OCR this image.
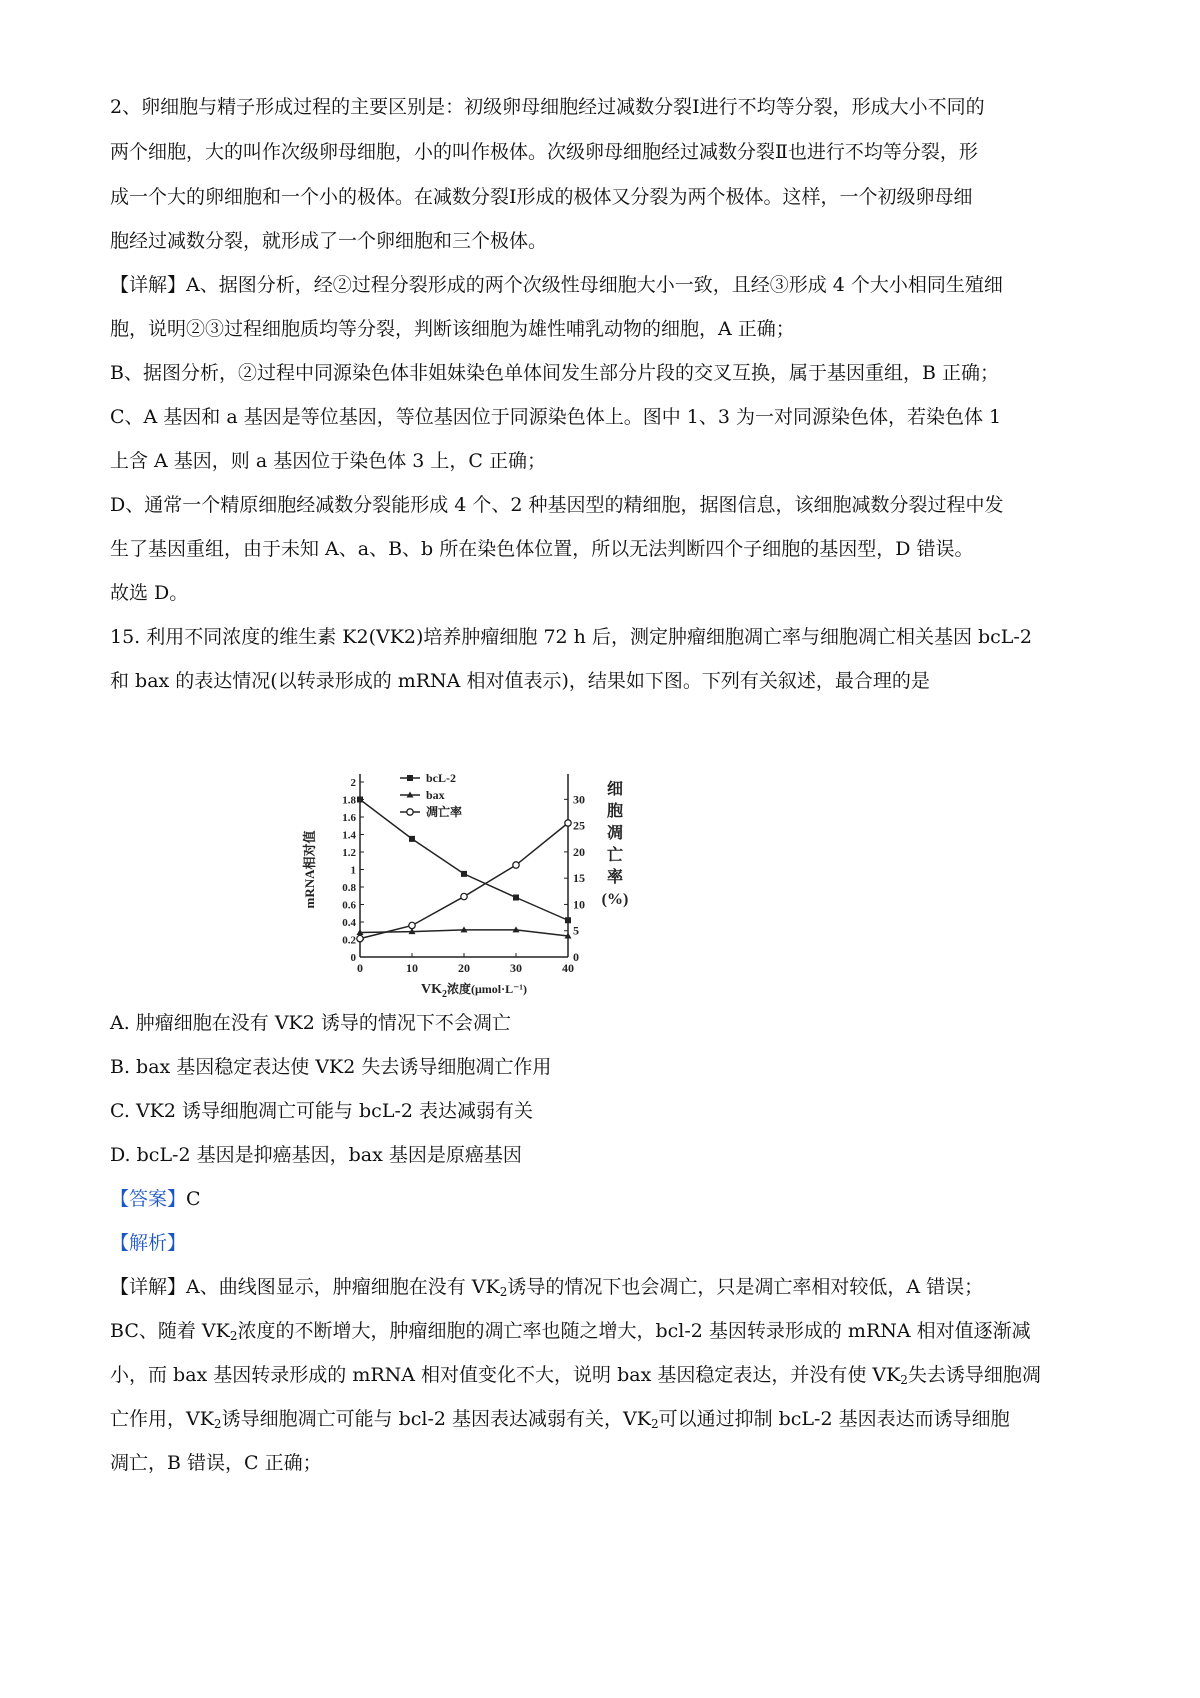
2、卵细胞与精子形成过程的主要区别是：初级卵母细胞经过减数分裂Ⅰ进行不均等分裂，形成大小不同的
两个细胞，大的叫作次级卵母细胞，小的叫作极体。次级卵母细胞经过减数分裂Ⅱ也进行不均等分裂，形
成一个大的卵细胞和一个小的极体。在减数分裂Ⅰ形成的极体又分裂为两个极体。这样，一个初级卵母细
胞经过减数分裂，就形成了一个卵细胞和三个极体。
【详解】A、据图分析，经②过程分裂形成的两个次级性母细胞大小一致，且经③形成 4 个大小相同生殖细
胞，说明②③过程细胞质均等分裂，判断该细胞为雄性哺乳动物的细胞，A 正确；
B、据图分析，②过程中同源染色体非姐妹染色单体间发生部分片段的交叉互换，属于基因重组，B 正确；
C、A 基因和 a 基因是等位基因，等位基因位于同源染色体上。图中 1、3 为一对同源染色体，若染色体 1
上含 A 基因，则 a 基因位于染色体 3 上，C 正确；
D、通常一个精原细胞经减数分裂能形成 4 个、2 种基因型的精细胞，据图信息，该细胞减数分裂过程中发
生了基因重组，由于未知 A、a、B、b 所在染色体位置，所以无法判断四个子细胞的基因型，D 错误。
故选 D。
15. 利用不同浓度的维生素 K2(VK2)培养肿瘤细胞 72 h 后，测定肿瘤细胞凋亡率与细胞凋亡相关基因 bcL-2
和 bax 的表达情况(以转录形成的 mRNA 相对值表示)，结果如下图。下列有关叙述，最合理的是
0
0.2
0.4
0.6
0.8
1
1.2
1.4
1.6
1.8
2
0
5
10
15
20
25
30
0	10	20	30	40
bcL-2
bax
凋亡率
mRNA相对值
细
胞
凋
亡
率
(%)
$VK_2$浓度(μmol·L⁻¹)
A. 肿瘤细胞在没有 VK2 诱导的情况下不会凋亡
B. bax 基因稳定表达使 VK2 失去诱导细胞凋亡作用
C. VK2 诱导细胞凋亡可能与 bcL-2 表达减弱有关
D. bcL-2 基因是抑癌基因，bax 基因是原癌基因
【答案】C
【解析】
【详解】A、曲线图显示，肿瘤细胞在没有 $VK_2$诱导的情况下也会凋亡，只是凋亡率相对较低，A 错误；
BC、随着 $VK_2$浓度的不断增大，肿瘤细胞的凋亡率也随之增大，bcl-2 基因转录形成的 mRNA 相对值逐渐减
小，而 bax 基因转录形成的 mRNA 相对值变化不大，说明 bax 基因稳定表达，并没有使 $VK_2$失去诱导细胞凋
亡作用，$VK_2$诱导细胞凋亡可能与 bcl-2 基因表达减弱有关，$VK_2$可以通过抑制 bcL-2 基因表达而诱导细胞
凋亡，B 错误，C 正确；
